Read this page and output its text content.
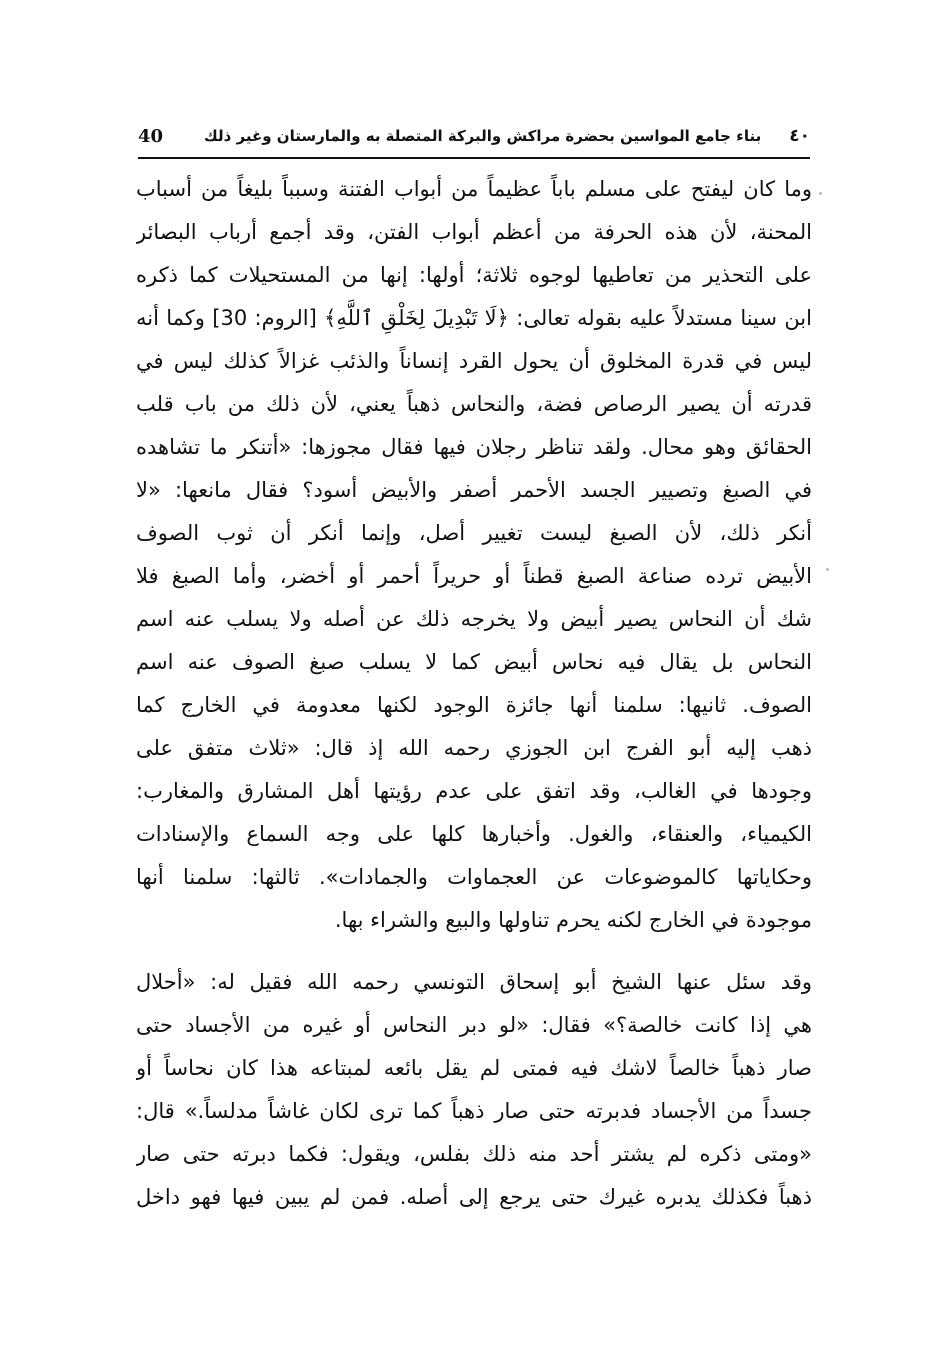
40	بناء جامع المواسين بحضرة مراكش والبركة المتصلة به والمارستان وغير ذلك	٤٠
وما كان ليفتح على مسلم باباً عظيماً من أبواب الفتنة وسبباً بليغاً من أسباب
المحنة، لأن هذه الحرفة من أعظم أبواب الفتن، وقد أجمع أرباب البصائر
على التحذير من تعاطيها لوجوه ثلاثة؛ أولها: إنها من المستحيلات كما ذكره
ابن سينا مستدلاً عليه بقوله تعالى: ﴿لَا تَبْدِيلَ لِخَلْقِ ٱللَّهِ﴾ [الروم: 30] وكما أنه
ليس في قدرة المخلوق أن يحول القرد إنساناً والذئب غزالاً كذلك ليس في
قدرته أن يصير الرصاص فضة، والنحاس ذهباً يعني، لأن ذلك من باب قلب
الحقائق وهو محال. ولقد تناظر رجلان فيها فقال مجوزها: «أتنكر ما تشاهده
في الصبغ وتصيير الجسد الأحمر أصفر والأبيض أسود؟ فقال مانعها: «لا
أنكر ذلك، لأن الصبغ ليست تغيير أصل، وإنما أنكر أن ثوب الصوف
الأبيض ترده صناعة الصبغ قطناً أو حريراً أحمر أو أخضر، وأما الصبغ فلا
شك أن النحاس يصير أبيض ولا يخرجه ذلك عن أصله ولا يسلب عنه اسم
النحاس بل يقال فيه نحاس أبيض كما لا يسلب صبغ الصوف عنه اسم
الصوف. ثانيها: سلمنا أنها جائزة الوجود لكنها معدومة في الخارج كما
ذهب إليه أبو الفرج ابن الجوزي رحمه الله إذ قال: «ثلاث متفق على
وجودها في الغالب، وقد اتفق على عدم رؤيتها أهل المشارق والمغارب:
الكيمياء، والعنقاء، والغول. وأخبارها كلها على وجه السماع والإسنادات
وحكاياتها كالموضوعات عن العجماوات والجمادات». ثالثها: سلمنا أنها
موجودة في الخارج لكنه يحرم تناولها والبيع والشراء بها.
وقد سئل عنها الشيخ أبو إسحاق التونسي رحمه الله فقيل له: «أحلال
هي إذا كانت خالصة؟» فقال: «لو دبر النحاس أو غيره من الأجساد حتى
صار ذهباً خالصاً لاشك فيه فمتى لم يقل بائعه لمبتاعه هذا كان نحاساً أو
جسداً من الأجساد فدبرته حتى صار ذهباً كما ترى لكان غاشاً مدلساً.» قال:
«ومتى ذكره لم يشتر أحد منه ذلك بفلس، ويقول: فكما دبرته حتى صار
ذهباً فكذلك يدبره غيرك حتى يرجع إلى أصله. فمن لم يبين فيها فهو داخل
